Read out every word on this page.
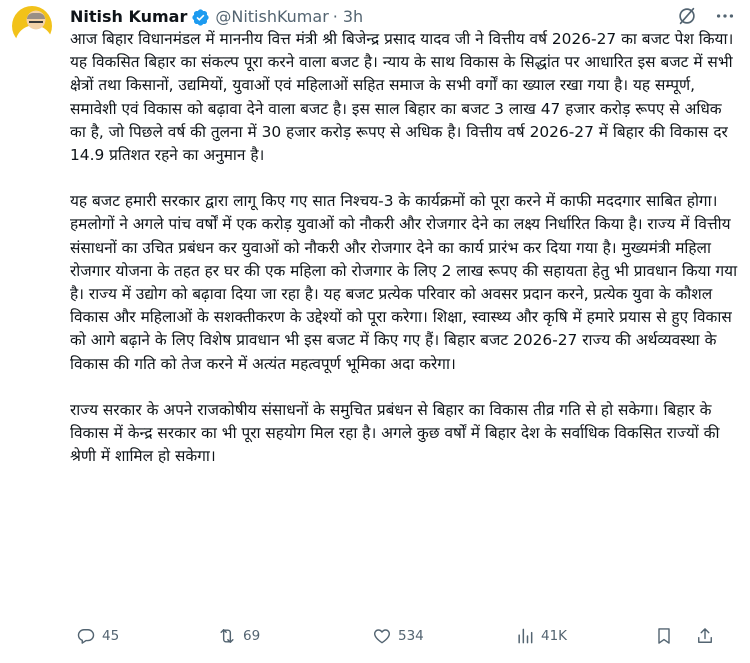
Nitish Kumar @NitishKumar · 3h

आज बिहार विधानमंडल में माननीय वित्त मंत्री श्री बिजेन्द्र प्रसाद यादव जी ने वित्तीय वर्ष 2026-27 का बजट पेश किया। यह विकसित बिहार का संकल्प पूरा करने वाला बजट है। न्याय के साथ विकास के सिद्धांत पर आधारित इस बजट में सभी क्षेत्रों तथा किसानों, उद्यमियों, युवाओं एवं महिलाओं सहित समाज के सभी वर्गों का ख्याल रखा गया है। यह सम्पूर्ण, समावेशी एवं विकास को बढ़ावा देने वाला बजट है। इस साल बिहार का बजट 3 लाख 47 हजार करोड़ रूपए से अधिक का है, जो पिछले वर्ष की तुलना में 30 हजार करोड़ रूपए से अधिक है। वित्तीय वर्ष 2026-27 में बिहार की विकास दर 14.9 प्रतिशत रहने का अनुमान है।

यह बजट हमारी सरकार द्वारा लागू किए गए सात निश्चय-3 के कार्यक्रमों को पूरा करने में काफी मददगार साबित होगा। हमलोगों ने अगले पांच वर्षों में एक करोड़ युवाओं को नौकरी और रोजगार देने का लक्ष्य निर्धारित किया है। राज्य में वित्तीय संसाधनों का उचित प्रबंधन कर युवाओं को नौकरी और रोजगार देने का कार्य प्रारंभ कर दिया गया है। मुख्यमंत्री महिला रोजगार योजना के तहत हर घर की एक महिला को रोजगार के लिए 2 लाख रूपए की सहायता हेतु भी प्रावधान किया गया है। राज्य में उद्योग को बढ़ावा दिया जा रहा है। यह बजट प्रत्येक परिवार को अवसर प्रदान करने, प्रत्येक युवा के कौशल विकास और महिलाओं के सशक्तीकरण के उद्देश्यों को पूरा करेगा। शिक्षा, स्वास्थ्य और कृषि में हमारे प्रयास से हुए विकास को आगे बढ़ाने के लिए विशेष प्रावधान भी इस बजट में किए गए हैं। बिहार बजट 2026-27 राज्य की अर्थव्यवस्था के विकास की गति को तेज करने में अत्यंत महत्वपूर्ण भूमिका अदा करेगा।

राज्य सरकार के अपने राजकोषीय संसाधनों के समुचित प्रबंधन से बिहार का विकास तीव्र गति से हो सकेगा। बिहार के विकास में केन्द्र सरकार का भी पूरा सहयोग मिल रहा है। अगले कुछ वर्षों में बिहार देश के सर्वाधिक विकसित राज्यों की श्रेणी में शामिल हो सकेगा।

45	69	534	41K
